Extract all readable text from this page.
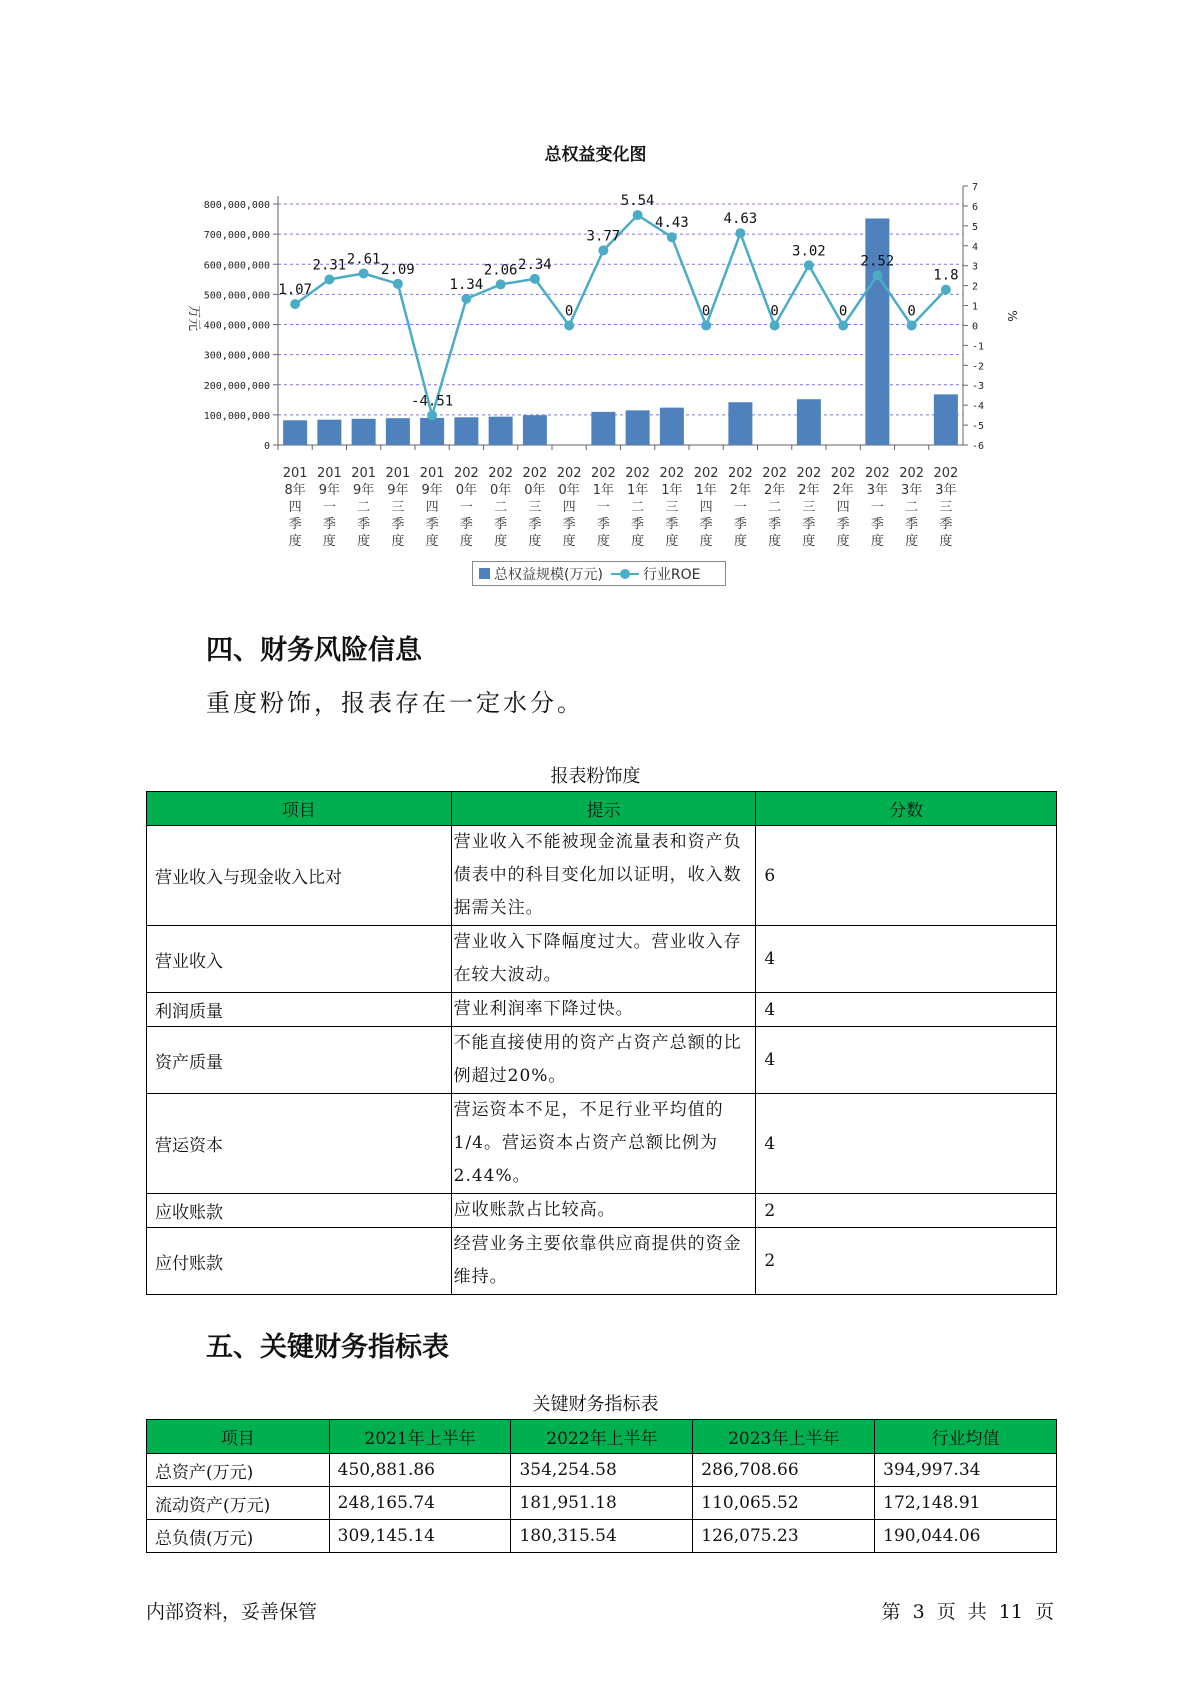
总权益变化图
0
100,000,000
200,000,000
300,000,000
400,000,000
500,000,000
600,000,000
700,000,000
800,000,000
-6
-5
-4
-3
-2
-1
0
1
2
3
4
5
6
7
万元	%
1.07
2.31 2.61
2.09
-4.51
1.34
2.06 2.34
0
3.77
5.54
4.43
0
4.63
0
3.02
0
2.52
0
1.8
201
8年
四
季
度
201
9年
一
季
度
201
9年
二
季
度
201
9年
三
季
度
201
9年
四
季
度
202
0年
一
季
度
202
0年
二
季
度
202
0年
三
季
度
202
0年
四
季
度
202
1年
一
季
度
202
1年
二
季
度
202
1年
三
季
度
202
1年
四
季
度
202
2年
一
季
度
202
2年
二
季
度
202
2年
三
季
度
202
2年
四
季
度
202
3年
一
季
度
202
3年
二
季
度
202
3年
三
季
度
总权益规模(万元)	行业ROE
四、财务风险信息
重度粉饰，报表存在一定水分。
报表粉饰度
项目	提示	分数
营业收入与现金收入比对	营业收入不能被现金流量表和资产负债表中的科目变化加以证明，收入数据需关注。	6
营业收入	营业收入下降幅度过大。营业收入存在较大波动。	4
利润质量	营业利润率下降过快。	4
资产质量	不能直接使用的资产占资产总额的比例超过20%。	4
营运资本	营运资本不足，不足行业平均值的1/4。营运资本占资产总额比例为2.44%。	4
应收账款	应收账款占比较高。	2
应付账款	经营业务主要依靠供应商提供的资金维持。	2
五、关键财务指标表
关键财务指标表
项目	2021年上半年	2022年上半年	2023年上半年	行业均值
总资产(万元)	450,881.86	354,254.58	286,708.66	394,997.34
流动资产(万元)	248,165.74	181,951.18	110,065.52	172,148.91
总负债(万元)	309,145.14	180,315.54	126,075.23	190,044.06
内部资料，妥善保管	第 3 页 共 11 页
